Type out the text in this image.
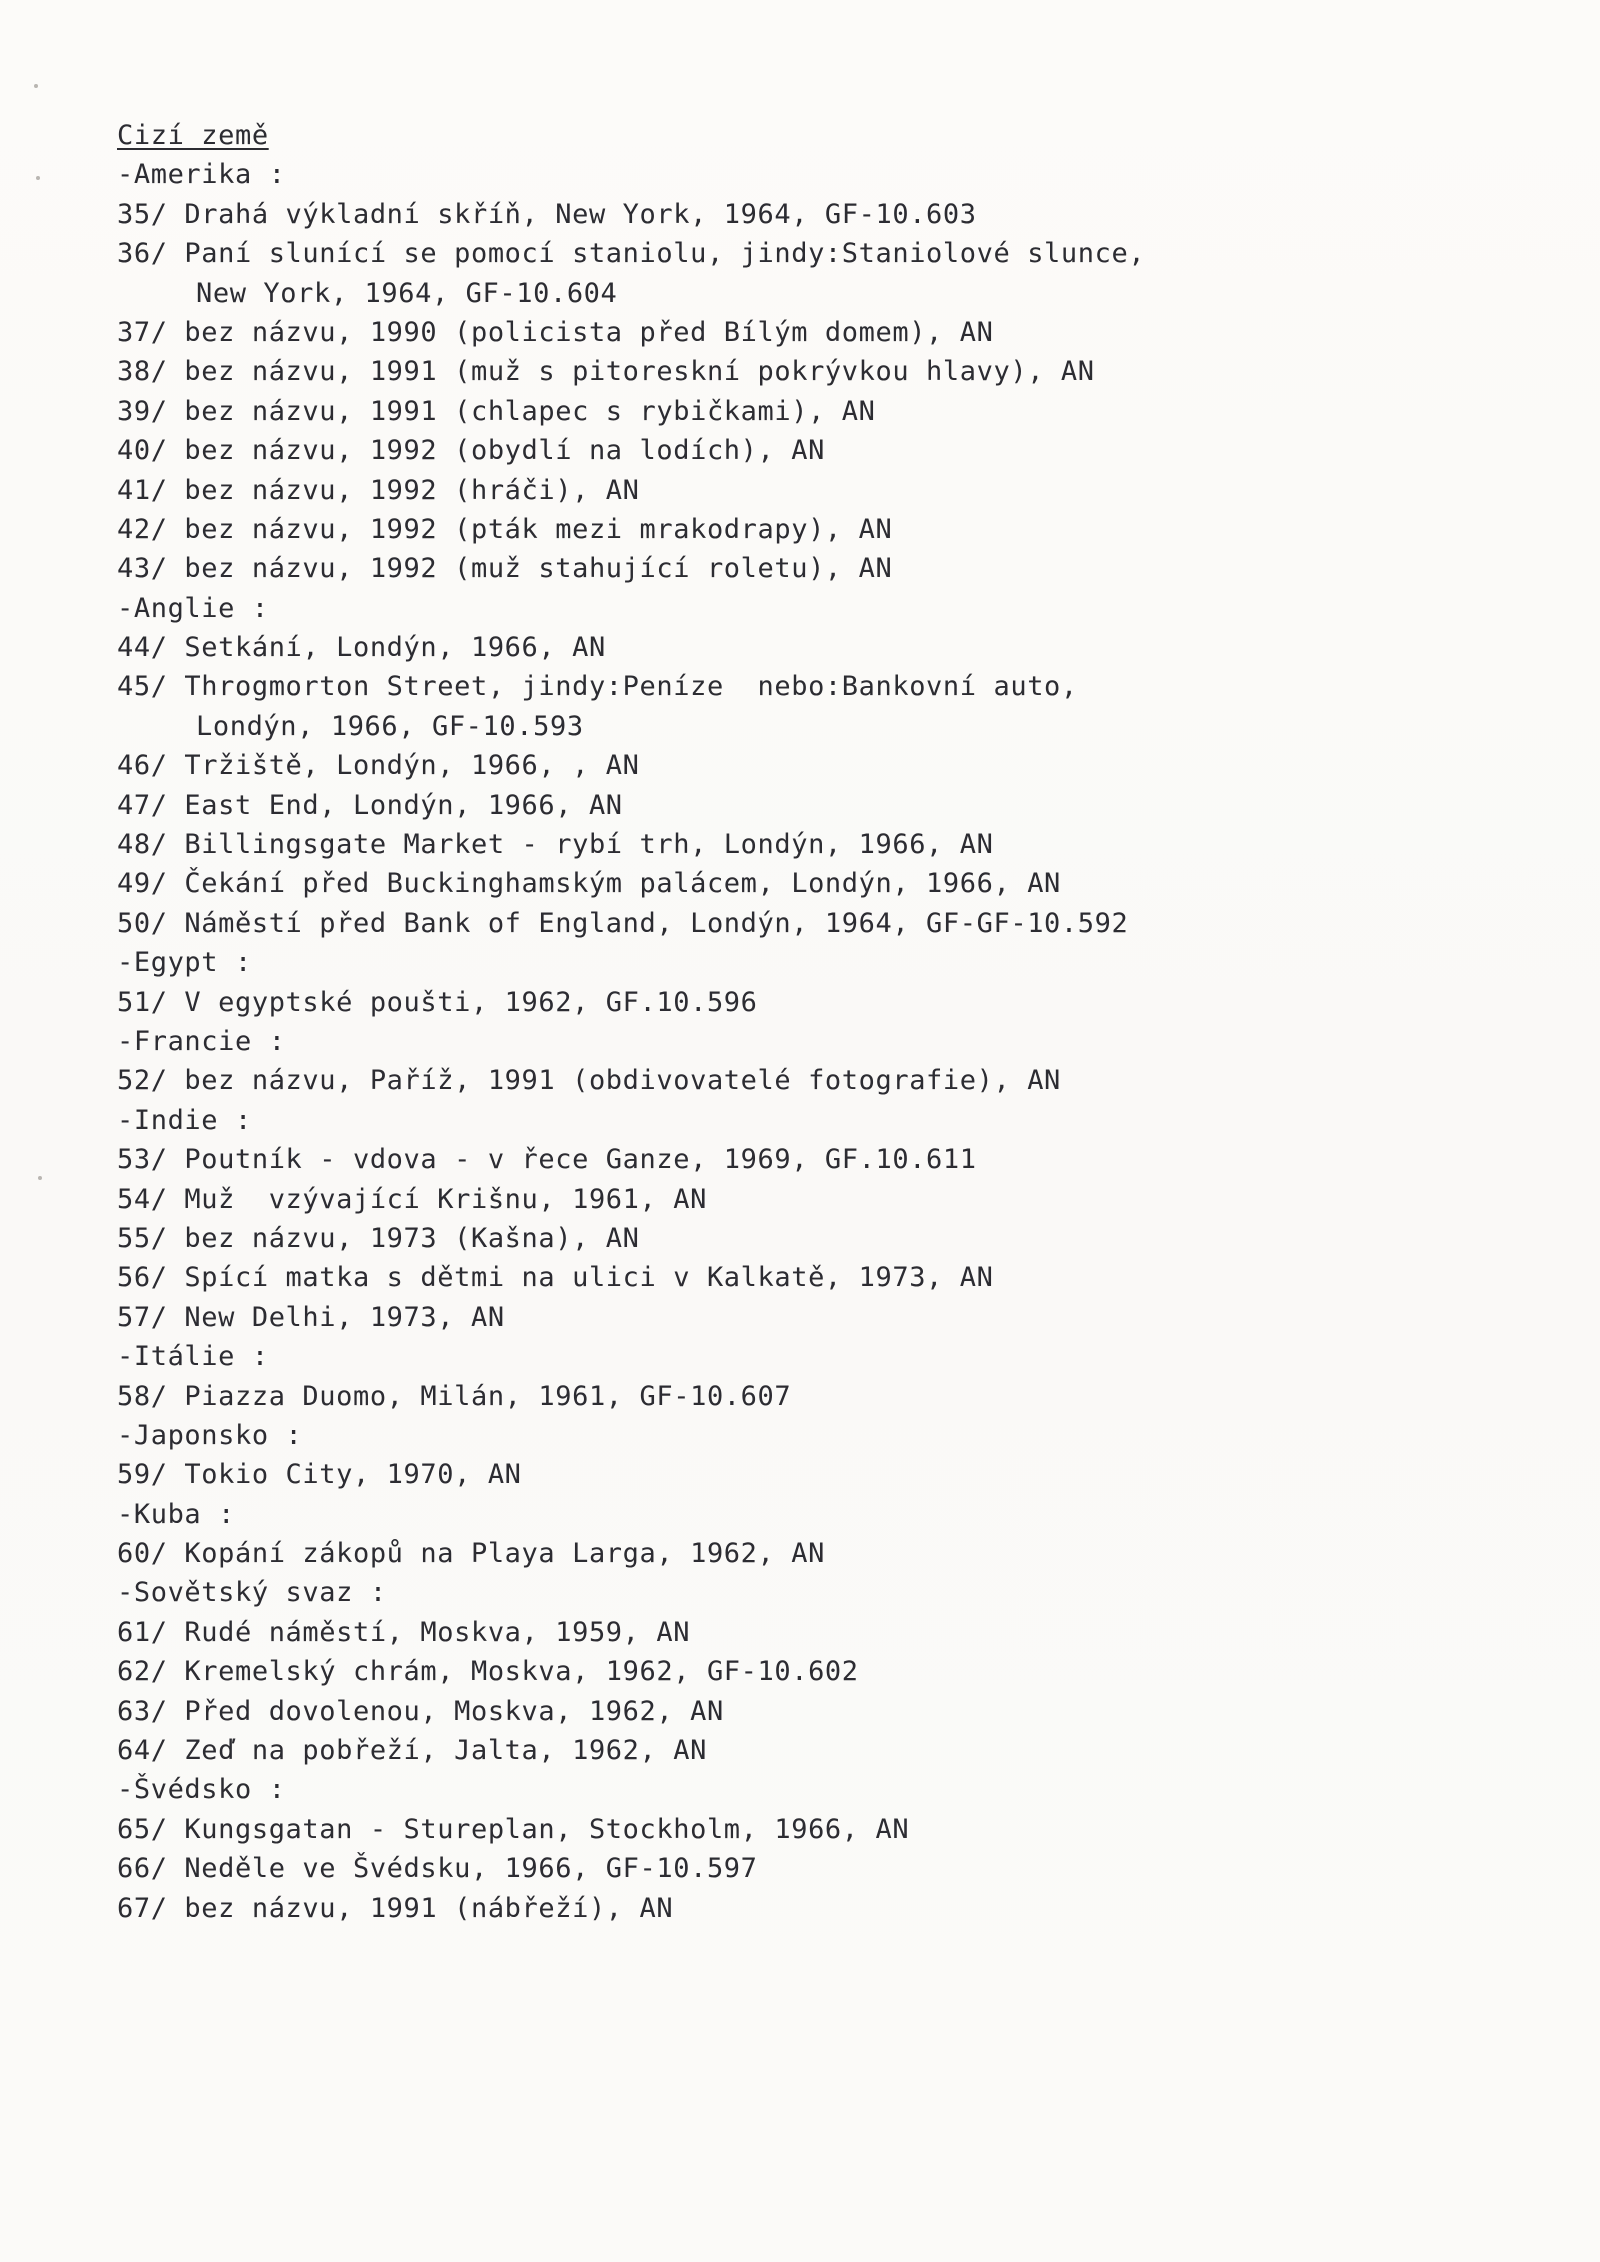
Cizí země
-Amerika :
35/ Drahá výkladní skříň, New York, 1964, GF-10.603
36/ Paní slunící se pomocí staniolu, jindy:Staniolové slunce,
New York, 1964, GF-10.604
37/ bez názvu, 1990 (policista před Bílým domem), AN
38/ bez názvu, 1991 (muž s pitoreskní pokrývkou hlavy), AN
39/ bez názvu, 1991 (chlapec s rybičkami), AN
40/ bez názvu, 1992 (obydlí na lodích), AN
41/ bez názvu, 1992 (hráči), AN
42/ bez názvu, 1992 (pták mezi mrakodrapy), AN
43/ bez názvu, 1992 (muž stahující roletu), AN
-Anglie :
44/ Setkání, Londýn, 1966, AN
45/ Throgmorton Street, jindy:Peníze  nebo:Bankovní auto,
Londýn, 1966, GF-10.593
46/ Tržiště, Londýn, 1966, , AN
47/ East End, Londýn, 1966, AN
48/ Billingsgate Market - rybí trh, Londýn, 1966, AN
49/ Čekání před Buckinghamským palácem, Londýn, 1966, AN
50/ Náměstí před Bank of England, Londýn, 1964, GF-GF-10.592
-Egypt :
51/ V egyptské poušti, 1962, GF.10.596
-Francie :
52/ bez názvu, Paříž, 1991 (obdivovatelé fotografie), AN
-Indie :
53/ Poutník - vdova - v řece Ganze, 1969, GF.10.611
54/ Muž  vzývající Krišnu, 1961, AN
55/ bez názvu, 1973 (Kašna), AN
56/ Spící matka s dětmi na ulici v Kalkatě, 1973, AN
57/ New Delhi, 1973, AN
-Itálie :
58/ Piazza Duomo, Milán, 1961, GF-10.607
-Japonsko :
59/ Tokio City, 1970, AN
-Kuba :
60/ Kopání zákopů na Playa Larga, 1962, AN
-Sovětský svaz :
61/ Rudé náměstí, Moskva, 1959, AN
62/ Kremelský chrám, Moskva, 1962, GF-10.602
63/ Před dovolenou, Moskva, 1962, AN
64/ Zeď na pobřeží, Jalta, 1962, AN
-Švédsko :
65/ Kungsgatan - Stureplan, Stockholm, 1966, AN
66/ Neděle ve Švédsku, 1966, GF-10.597
67/ bez názvu, 1991 (nábřeží), AN
